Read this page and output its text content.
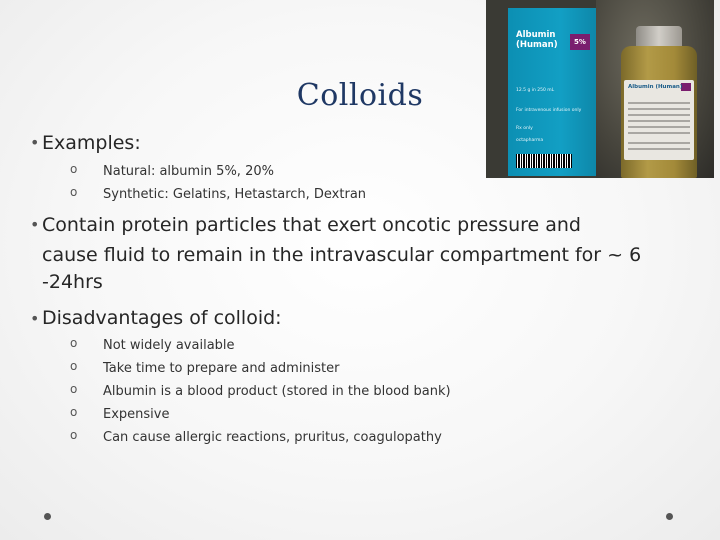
Albumin (Human)	5%
12.5 g in 250 mL
For intravenous infusion only
Rx only
octapharma
Albumin (Human)
Colloids
• Examples:
o Natural: albumin 5%, 20%
o Synthetic: Gelatins, Hetastarch, Dextran
• Contain protein particles that exert oncotic pressure and
cause fluid to remain in the intravascular compartment for ~ 6
-24hrs
• Disadvantages of colloid:
o Not widely available
o Take time to prepare and administer
o Albumin is a blood product (stored in the blood bank)
o Expensive
o Can cause allergic reactions, pruritus, coagulopathy
